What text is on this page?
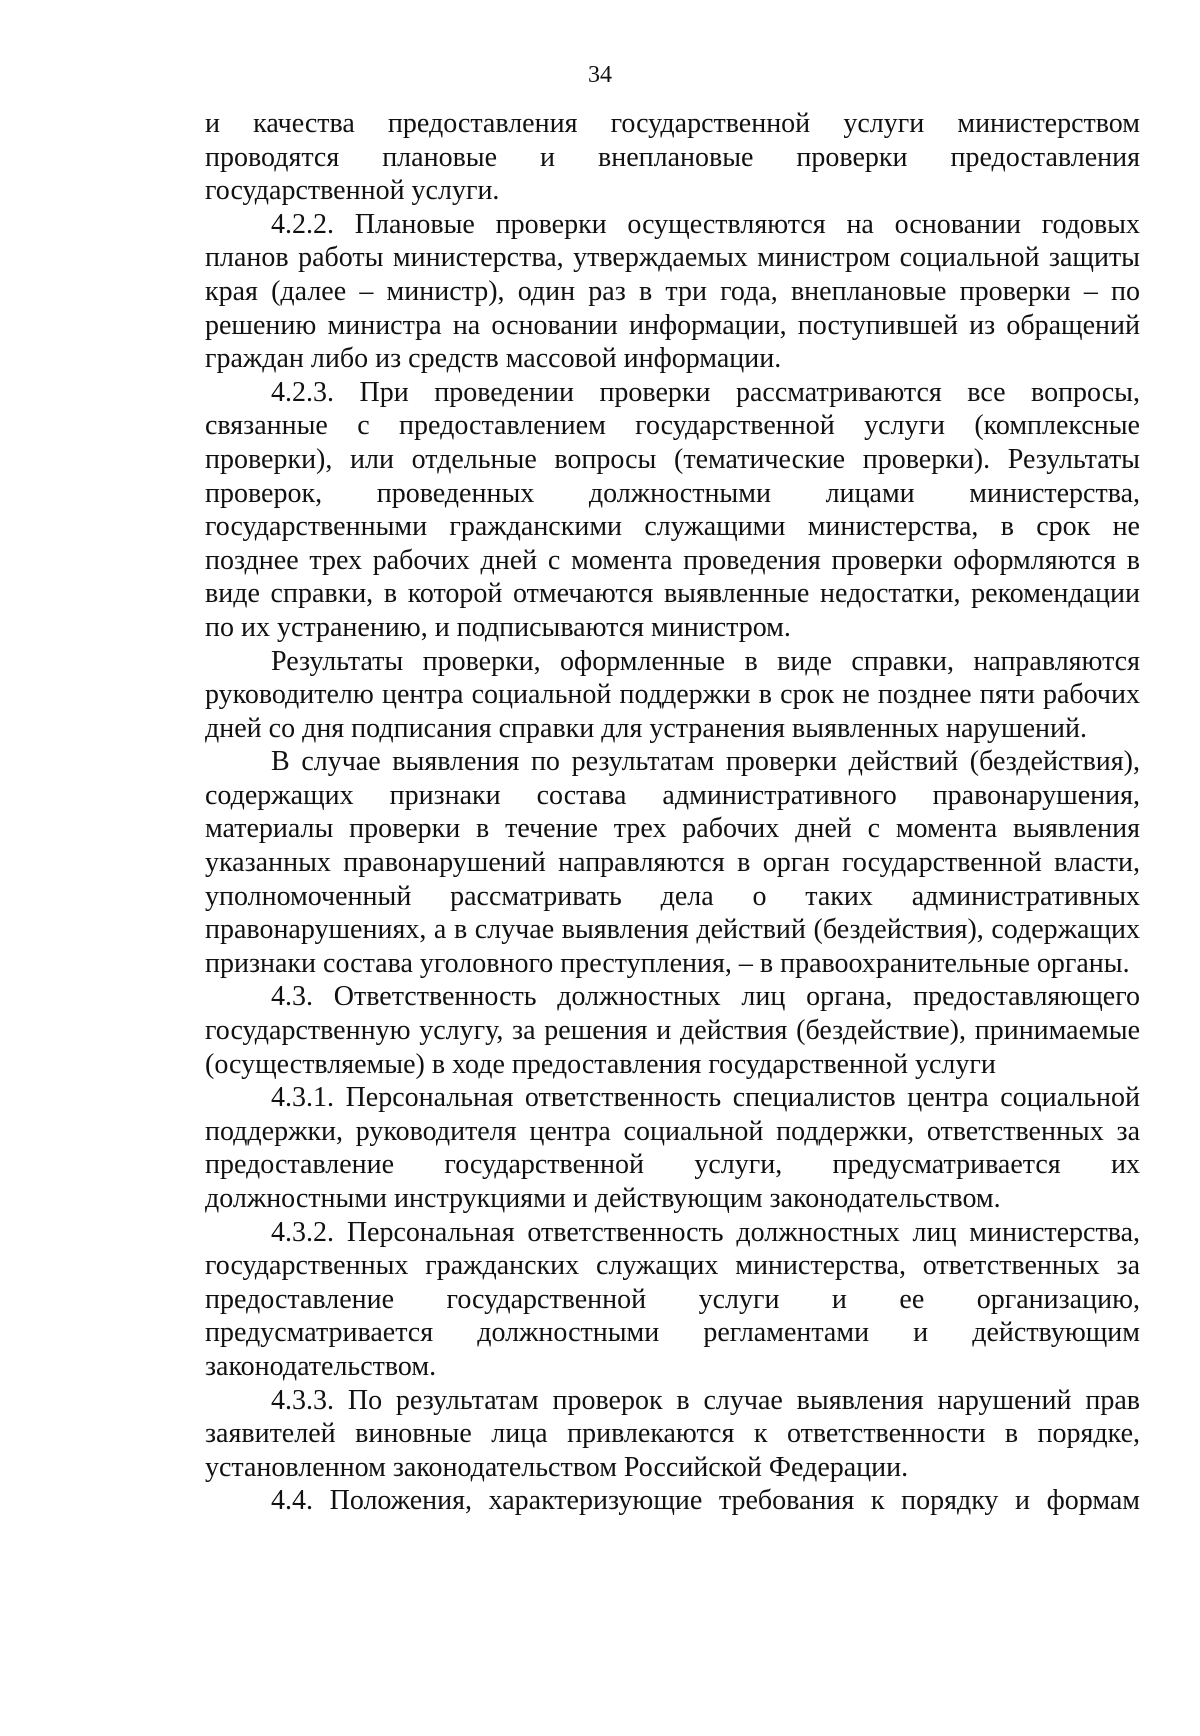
34

и качества предоставления государственной услуги министерством проводятся плановые и внеплановые проверки предоставления государственной услуги.

4.2.2. Плановые проверки осуществляются на основании годовых планов работы министерства, утверждаемых министром социальной защиты края (далее – министр), один раз в три года, внеплановые проверки – по решению министра на основании информации, поступившей из обращений граждан либо из средств массовой информации.

4.2.3. При проведении проверки рассматриваются все вопросы, связанные с предоставлением государственной услуги (комплексные проверки), или отдельные вопросы (тематические проверки). Результаты проверок, проведенных должностными лицами министерства, государственными гражданскими служащими министерства, в срок не позднее трех рабочих дней с момента проведения проверки оформляются в виде справки, в которой отмечаются выявленные недостатки, рекомендации по их устранению, и подписываются министром.

Результаты проверки, оформленные в виде справки, направляются руководителю центра социальной поддержки в срок не позднее пяти рабочих дней со дня подписания справки для устранения выявленных нарушений.

В случае выявления по результатам проверки действий (бездействия), содержащих признаки состава административного правонарушения, материалы проверки в течение трех рабочих дней с момента выявления указанных правонарушений направляются в орган государственной власти, уполномоченный рассматривать дела о таких административных правонарушениях, а в случае выявления действий (бездействия), содержащих признаки состава уголовного преступления, – в правоохранительные органы.

4.3. Ответственность должностных лиц органа, предоставляющего государственную услугу, за решения и действия (бездействие), принимаемые (осуществляемые) в ходе предоставления государственной услуги

4.3.1. Персональная ответственность специалистов центра социальной поддержки, руководителя центра социальной поддержки, ответственных за предоставление государственной услуги, предусматривается их должностными инструкциями и действующим законодательством.

4.3.2. Персональная ответственность должностных лиц министерства, государственных гражданских служащих министерства, ответственных за предоставление государственной услуги и ее организацию, предусматривается должностными регламентами и действующим законодательством.

4.3.3. По результатам проверок в случае выявления нарушений прав заявителей виновные лица привлекаются к ответственности в порядке, установленном законодательством Российской Федерации.

4.4. Положения, характеризующие требования к порядку и формам
